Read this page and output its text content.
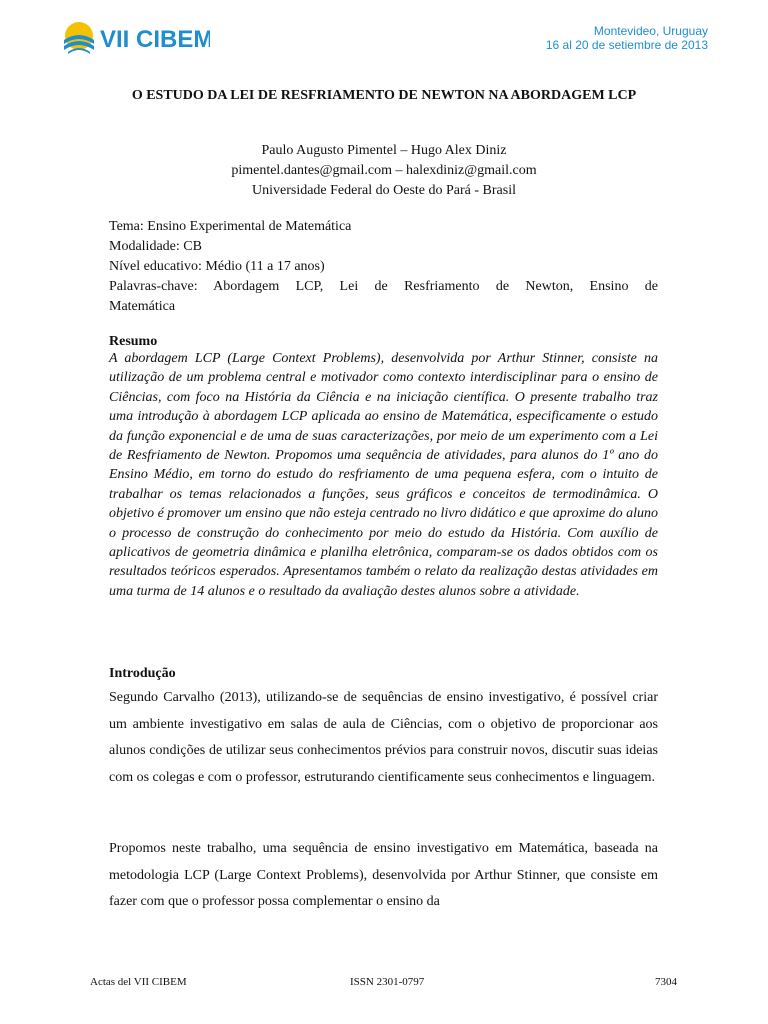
VII CIBEM	Montevideo, Uruguay
16 al 20 de setiembre de 2013
O ESTUDO DA LEI DE RESFRIAMENTO DE NEWTON NA ABORDAGEM LCP
Paulo Augusto Pimentel – Hugo Alex Diniz
pimentel.dantes@gmail.com – halexdiniz@gmail.com
Universidade Federal do Oeste do Pará - Brasil
Tema: Ensino Experimental de Matemática
Modalidade: CB
Nível educativo: Médio (11 a 17 anos)
Palavras-chave: Abordagem LCP, Lei de Resfriamento de Newton, Ensino de
Matemática
Resumo

A abordagem LCP (Large Context Problems), desenvolvida por Arthur Stinner, consiste na utilização de um problema central e motivador como contexto interdisciplinar para o ensino de Ciências, com foco na História da Ciência e na iniciação científica. O presente trabalho traz uma introdução à abordagem LCP aplicada ao ensino de Matemática, especificamente o estudo da função exponencial e de uma de suas caracterizações, por meio de um experimento com a Lei de Resfriamento de Newton. Propomos uma sequência de atividades, para alunos do 1º ano do Ensino Médio, em torno do estudo do resfriamento de uma pequena esfera, com o intuito de trabalhar os temas relacionados a funções, seus gráficos e conceitos de termodinâmica. O objetivo é promover um ensino que não esteja centrado no livro didático e que aproxime do aluno o processo de construção do conhecimento por meio do estudo da História. Com auxílio de aplicativos de geometria dinâmica e planilha eletrônica, comparam-se os dados obtidos com os resultados teóricos esperados. Apresentamos também o relato da realização destas atividades em uma turma de 14 alunos e o resultado da avaliação destes alunos sobre a atividade.

Introdução

Segundo Carvalho (2013), utilizando-se de sequências de ensino investigativo, é possível criar um ambiente investigativo em salas de aula de Ciências, com o objetivo de proporcionar aos alunos condições de utilizar seus conhecimentos prévios para construir novos, discutir suas ideias com os colegas e com o professor, estruturando cientificamente seus conhecimentos e linguagem.

Propomos neste trabalho, uma sequência de ensino investigativo em Matemática, baseada na metodologia LCP (Large Context Problems), desenvolvida por Arthur Stinner, que consiste em fazer com que o professor possa complementar o ensino da

Actas del VII CIBEM	ISSN 2301-0797	7304
